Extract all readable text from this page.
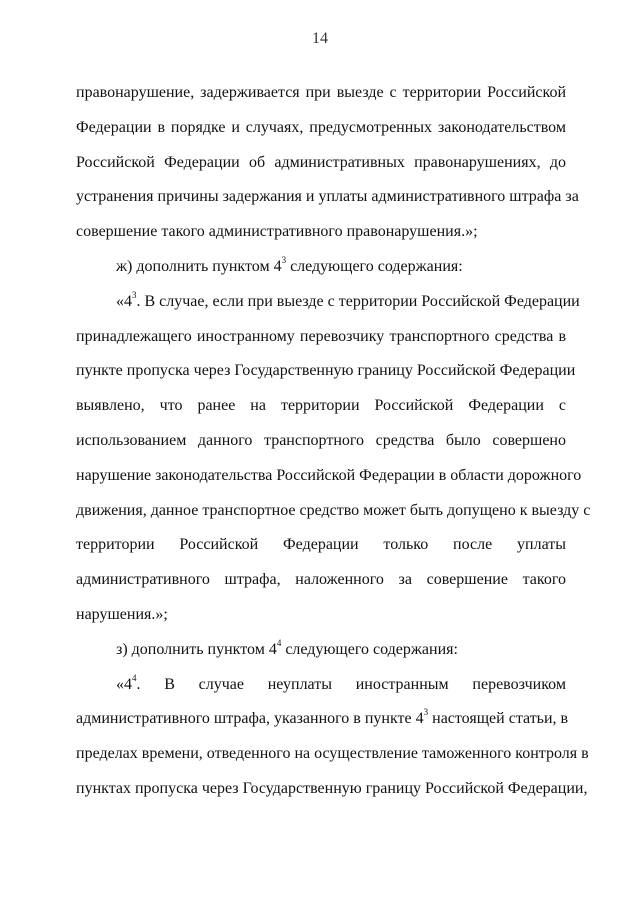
14

правонарушение, задерживается при выезде с территории Российской
Федерации в порядке и случаях, предусмотренных законодательством
Российской Федерации об административных правонарушениях, до
устранения причины задержания и уплаты административного штрафа за
совершение такого административного правонарушения.»;

ж) дополнить пунктом $4^3$ следующего содержания:

«$4^3$. В случае, если при выезде с территории Российской Федерации
принадлежащего иностранному перевозчику транспортного средства в
пункте пропуска через Государственную границу Российской Федерации
выявлено, что ранее на территории Российской Федерации с
использованием данного транспортного средства было совершено
нарушение законодательства Российской Федерации в области дорожного
движения, данное транспортное средство может быть допущено к выезду с
территории Российской Федерации только после уплаты
административного штрафа, наложенного за совершение такого
нарушения.»;

з) дополнить пунктом $4^4$ следующего содержания:

«$4^4$. В случае неуплаты иностранным перевозчиком
административного штрафа, указанного в пункте $4^3$ настоящей статьи, в
пределах времени, отведенного на осуществление таможенного контроля в
пунктах пропуска через Государственную границу Российской Федерации,
